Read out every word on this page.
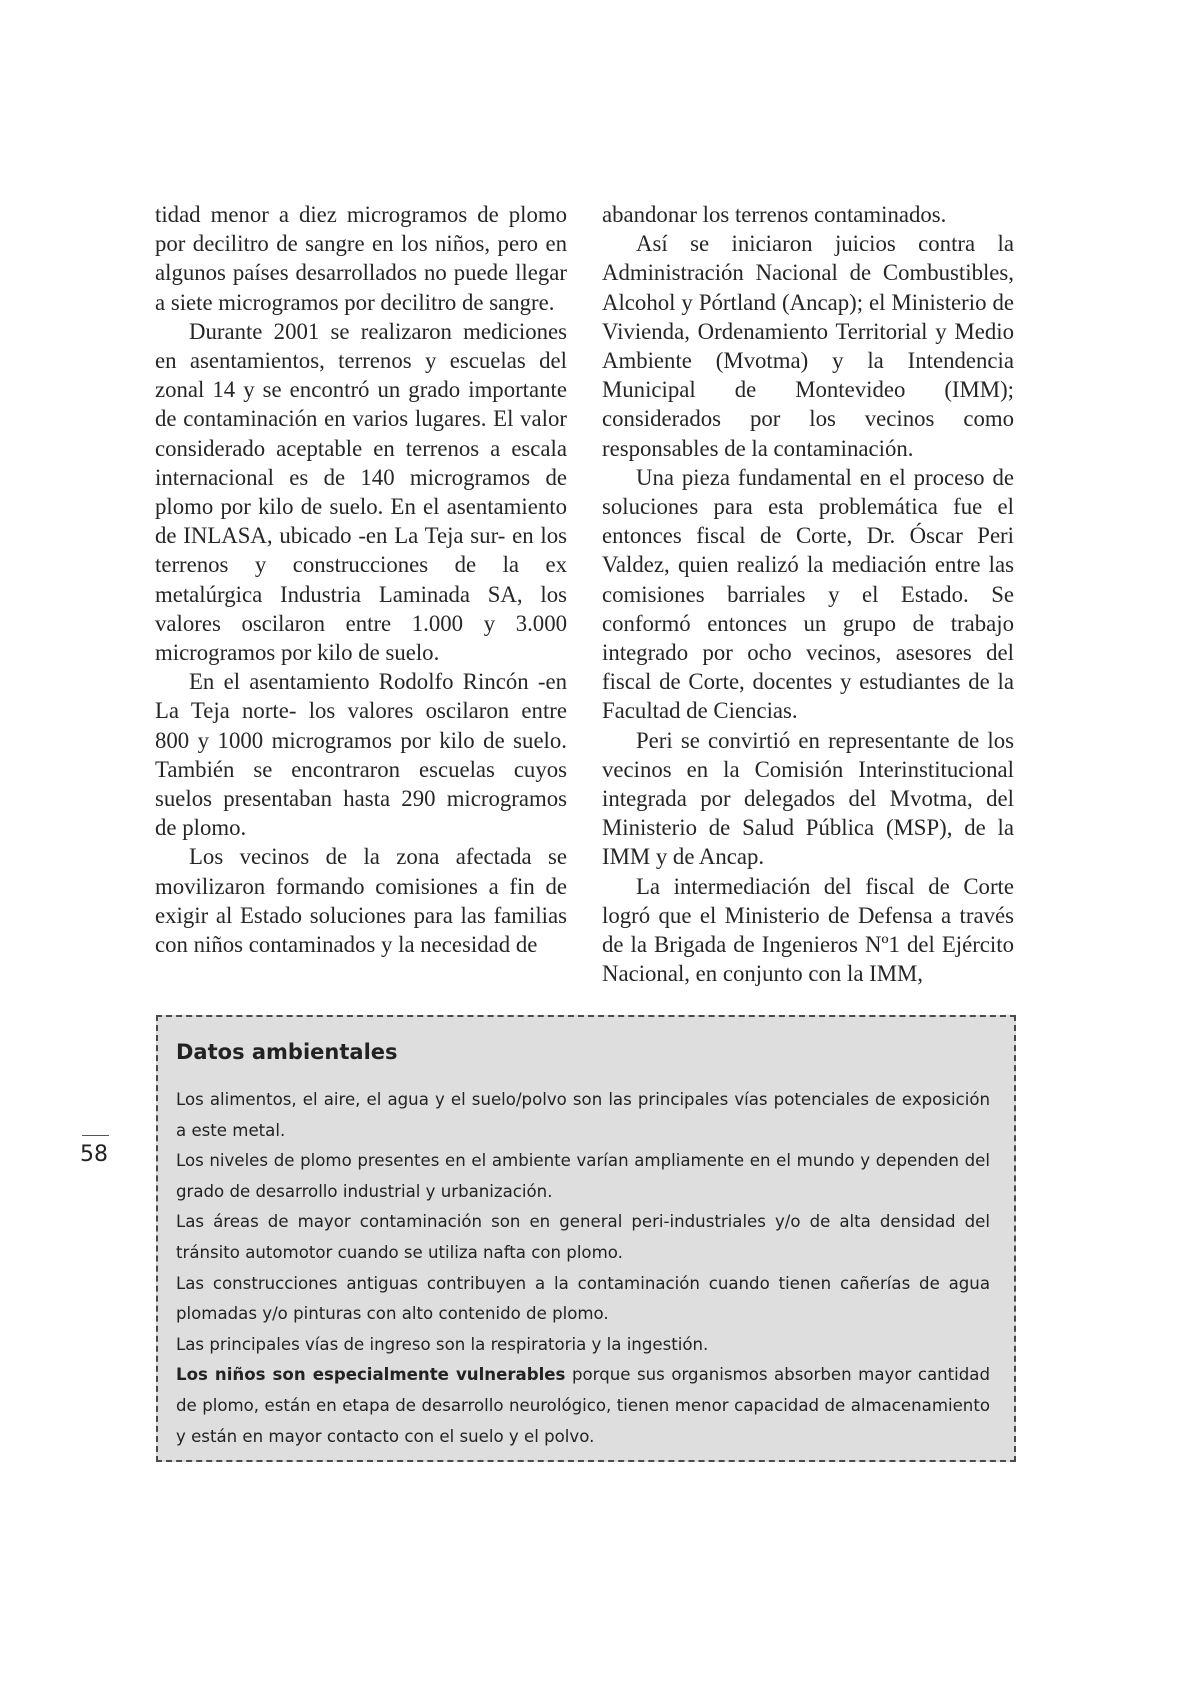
tidad menor a diez microgramos de plomo por decilitro de sangre en los niños, pero en algunos países desarrollados no puede llegar a siete microgramos por decilitro de sangre.

Durante 2001 se realizaron mediciones en asentamientos, terrenos y escuelas del zonal 14 y se encontró un grado importante de contaminación en varios lugares. El valor considerado aceptable en terrenos a escala internacional es de 140 microgramos de plomo por kilo de suelo. En el asentamiento de INLASA, ubicado -en La Teja sur- en los terrenos y construcciones de la ex metalúrgica Industria Laminada SA, los valores oscilaron entre 1.000 y 3.000 microgramos por kilo de suelo.

En el asentamiento Rodolfo Rincón -en La Teja norte- los valores oscilaron entre 800 y 1000 microgramos por kilo de suelo. También se encontraron escuelas cuyos suelos presentaban hasta 290 microgramos de plomo.

Los vecinos de la zona afectada se movilizaron formando comisiones a fin de exigir al Estado soluciones para las familias con niños contaminados y la necesidad de

abandonar los terrenos contaminados.

Así se iniciaron juicios contra la Administración Nacional de Combustibles, Alcohol y Pórtland (Ancap); el Ministerio de Vivienda, Ordenamiento Territorial y Medio Ambiente (Mvotma) y la Intendencia Municipal de Montevideo (IMM); considerados por los vecinos como responsables de la contaminación.

Una pieza fundamental en el proceso de soluciones para esta problemática fue el entonces fiscal de Corte, Dr. Óscar Peri Valdez, quien realizó la mediación entre las comisiones barriales y el Estado. Se conformó entonces un grupo de trabajo integrado por ocho vecinos, asesores del fiscal de Corte, docentes y estudiantes de la Facultad de Ciencias.

Peri se convirtió en representante de los vecinos en la Comisión Interinstitucional integrada por delegados del Mvotma, del Ministerio de Salud Pública (MSP), de la IMM y de Ancap.

La intermediación del fiscal de Corte logró que el Ministerio de Defensa a través de la Brigada de Ingenieros Nº1 del Ejército Nacional, en conjunto con la IMM,

Datos ambientales

Los alimentos, el aire, el agua y el suelo/polvo son las principales vías potenciales de exposición a este metal.

Los niveles de plomo presentes en el ambiente varían ampliamente en el mundo y dependen del grado de desarrollo industrial y urbanización.

Las áreas de mayor contaminación son en general peri-industriales y/o de alta densidad del tránsito automotor cuando se utiliza nafta con plomo.

Las construcciones antiguas contribuyen a la contaminación cuando tienen cañerías de agua plomadas y/o pinturas con alto contenido de plomo.

Las principales vías de ingreso son la respiratoria y la ingestión.

Los niños son especialmente vulnerables porque sus organismos absorben mayor cantidad de plomo, están en etapa de desarrollo neurológico, tienen menor capacidad de almacenamiento y están en mayor contacto con el suelo y el polvo.

58
